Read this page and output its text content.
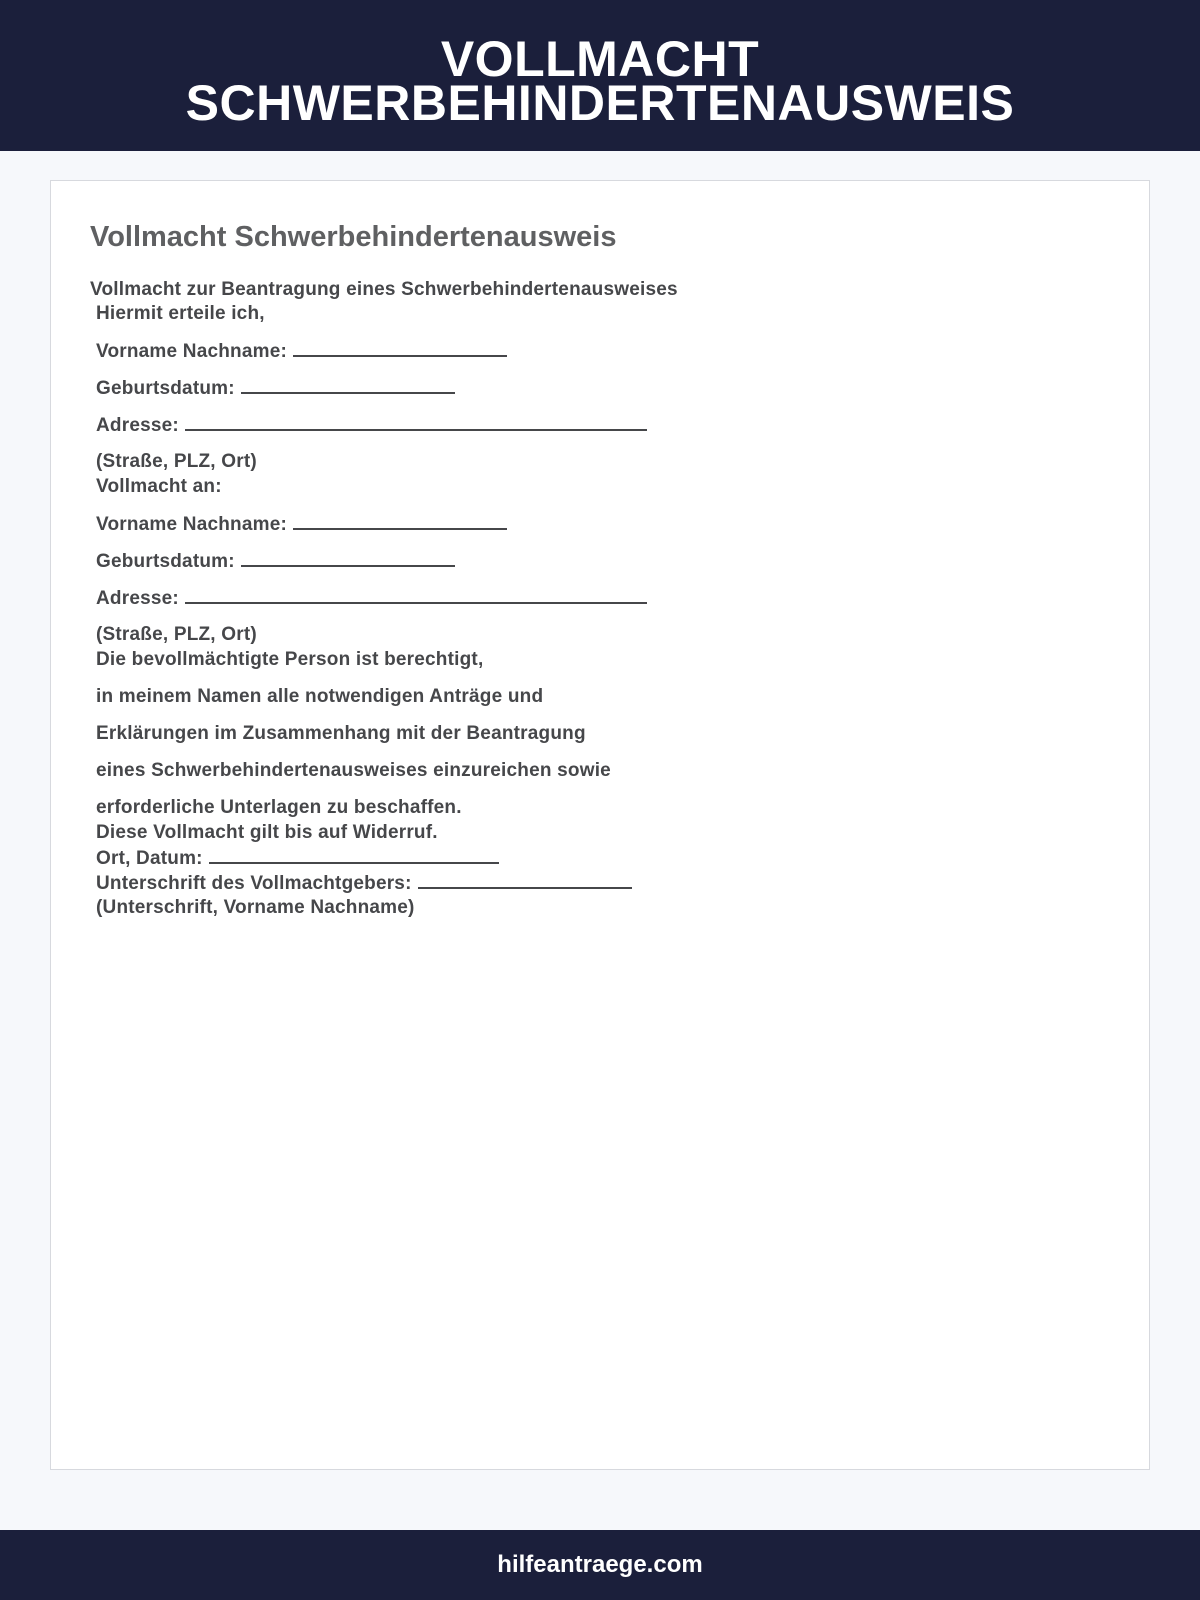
VOLLMACHT
SCHWERBEHINDERTENAUSWEIS
Vollmacht Schwerbehindertenausweis
Vollmacht zur Beantragung eines Schwerbehindertenausweises
Hiermit erteile ich,
Vorname Nachname:
Geburtsdatum:
Adresse:
(Straße, PLZ, Ort)
Vollmacht an:
Vorname Nachname:
Geburtsdatum:
Adresse:
(Straße, PLZ, Ort)
Die bevollmächtigte Person ist berechtigt,
in meinem Namen alle notwendigen Anträge und
Erklärungen im Zusammenhang mit der Beantragung
eines Schwerbehindertenausweises einzureichen sowie
erforderliche Unterlagen zu beschaffen.
Diese Vollmacht gilt bis auf Widerruf.
Ort, Datum:
Unterschrift des Vollmachtgebers:
(Unterschrift, Vorname Nachname)
hilfeantraege.com
